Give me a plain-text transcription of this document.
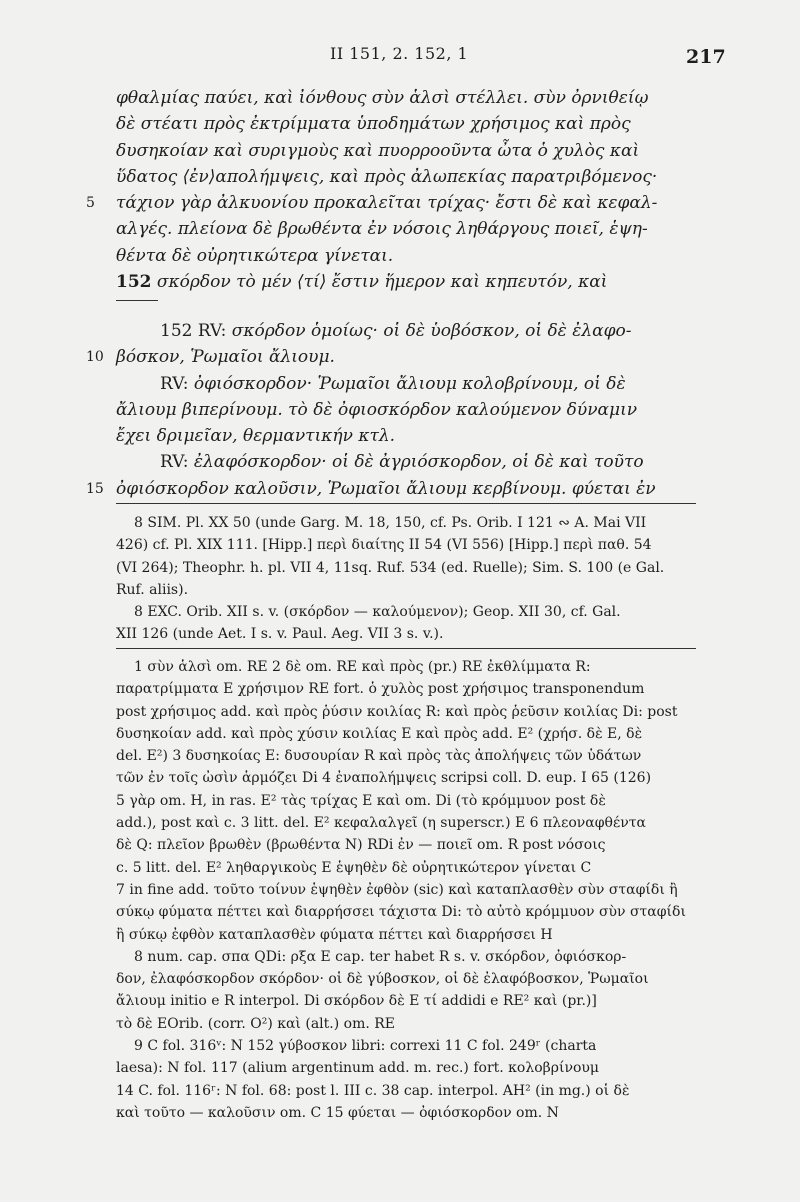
II 151, 2. 152, 1	217
φθαλμίας παύει, καὶ ἰόνθους σὺν ἁλσὶ στέλλει. σὺν ὀρνιθείῳ
δὲ στέατι πρὸς ἐκτρίμματα ὑποδημάτων χρήσιμος καὶ πρὸς
δυσηκοίαν καὶ συριγμοὺς καὶ πυορροοῦντα ὦτα ὁ χυλὸς καὶ
ὕδατος ⟨ἐν⟩απολήμψεις, καὶ πρὸς ἀλωπεκίας παρατριβόμενος·
5 τάχιον γὰρ ἀλκυονίου προκαλεῖται τρίχας· ἔστι δὲ καὶ κεφαλ-
αλγές. πλείονα δὲ βρωθέντα ἐν νόσοις ληθάργους ποιεῖ, ἑψη-
θέντα δὲ οὐρητικώτερα γίνεται.
152 σκόρδον τὸ μέν ⟨τί⟩ ἔστιν ἥμερον καὶ κηπευτόν, καὶ
152 RV: σκόρδον ὁμοίως· οἱ δὲ ὑοβόσκον, οἱ δὲ ἐλαφο-
10 βόσκον, Ῥωμαῖοι ἄλιουμ.
RV: ὀφιόσκορδον· Ῥωμαῖοι ἄλιουμ κολοβρίνουμ, οἱ δὲ
ἄλιουμ βιπερίνουμ. τὸ δὲ ὀφιοσκόρδον καλούμενον δύναμιν
ἔχει δριμεῖαν, θερμαντικήν κτλ.
RV: ἐλαφόσκορδον· οἱ δὲ ἀγριόσκορδον, οἱ δὲ καὶ τοῦτο
15 ὀφιόσκορδον καλοῦσιν, Ῥωμαῖοι ἄλιουμ κερβίνουμ. φύεται ἐν
8 SIM. Pl. XX 50 (unde Garg. M. 18, 150, cf. Ps. Orib. I 121 ∾ A. Mai VII
426) cf. Pl. XIX 111. [Hipp.] περὶ διαίτης II 54 (VI 556) [Hipp.] περὶ παθ. 54
(VI 264); Theophr. h. pl. VII 4, 11sq. Ruf. 534 (ed. Ruelle); Sim. S. 100 (e Gal.
Ruf. aliis).
8 EXC. Orib. XII s. v. (σκόρδον — καλούμενον); Geop. XII 30, cf. Gal.
XII 126 (unde Aet. I s. v. Paul. Aeg. VII 3 s. v.).
1 σὺν ἁλσὶ om. RE 2 δὲ om. RE καὶ πρὸς (pr.) RE ἐκθλίμματα R:
παρατρίμματα E χρήσιμον RE fort. ὁ χυλὸς post χρήσιμος transponendum
post χρήσιμος add. καὶ πρὸς ῥύσιν κοιλίας R: καὶ πρὸς ῥεῦσιν κοιλίας Di: post
δυσηκοίαν add. καὶ πρὸς χύσιν κοιλίας E καὶ πρὸς add. E² (χρήσ. δὲ E, δὲ
del. E²) 3 δυσηκοίας E: δυσουρίαν R καὶ πρὸς τὰς ἀπολήψεις τῶν ὑδάτων
τῶν ἐν τοῖς ὠσὶν ἁρμόζει Di 4 ἐναπολήμψεις scripsi coll. D. eup. I 65 (126)
5 γὰρ om. H, in ras. E² τὰς τρίχας E καὶ om. Di (τὸ κρόμμυον post δὲ
add.), post καὶ c. 3 litt. del. E² κεφαλαλγεῖ (η superscr.) E 6 πλεοναφθέντα
δὲ Q: πλεῖον βρωθὲν (βρωθέντα N) RDi ἐν — ποιεῖ om. R post νόσοις
c. 5 litt. del. E² ληθαργικοὺς E ἑψηθὲν δὲ οὐρητικώτερον γίνεται C
7 in fine add. τοῦτο τοίνυν ἑψηθὲν ἐφθὸν (sic) καὶ καταπλασθὲν σὺν σταφίδι ἢ
σύκῳ φύματα πέττει καὶ διαρρήσσει τάχιστα Di: τὸ αὐτὸ κρόμμυον σὺν σταφίδι
ἢ σύκῳ ἐφθὸν καταπλασθὲν φύματα πέττει καὶ διαρρήσσει H
8 num. cap. σπα QDi: ρξα E cap. ter habet R s. v. σκόρδον, ὀφιόσκορ-
δον, ἐλαφόσκορδον σκόρδον· οἱ δὲ γύβοσκον, οἱ δὲ ἐλαφόβοσκον, Ῥωμαῖοι
ἄλιουμ initio e R interpol. Di σκόρδον δὲ E τί addidi e RE² καὶ (pr.)]
τὸ δὲ EOrib. (corr. O²) καὶ (alt.) om. RE
9 C fol. 316ᵛ: N 152 γύβοσκον libri: correxi 11 C fol. 249ʳ (charta
laesa): N fol. 117 (alium argentinum add. m. rec.) fort. κολοβρίνουμ
14 C. fol. 116ʳ: N fol. 68: post l. III c. 38 cap. interpol. AH² (in mg.) οἱ δὲ
καὶ τοῦτο — καλοῦσιν om. C 15 φύεται — ὀφιόσκορδον om. N
